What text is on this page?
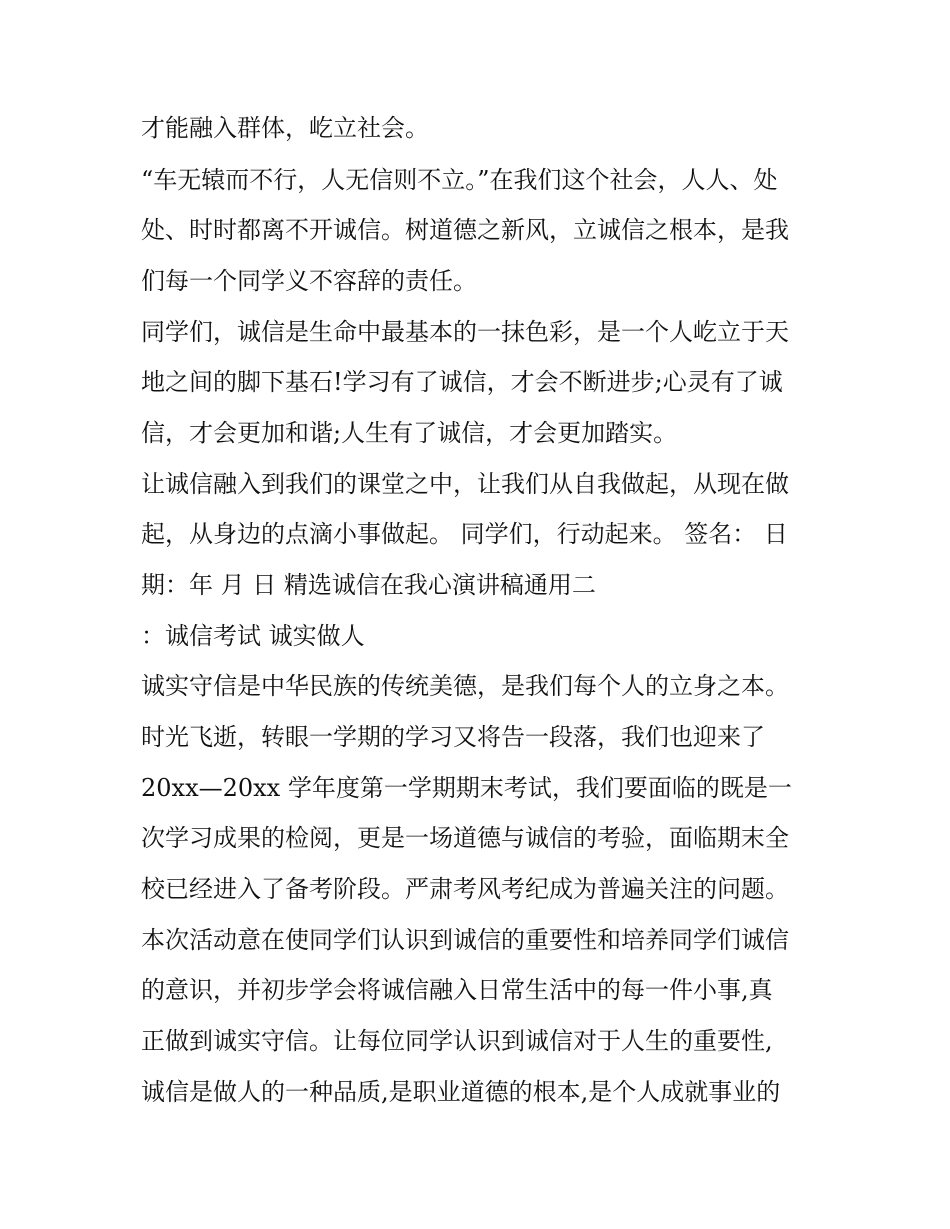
才能融入群体，屹立社会。
“车无辕而不行，人无信则不立。”在我们这个社会，人人、处
处、时时都离不开诚信。树道德之新风，立诚信之根本，是我
们每一个同学义不容辞的责任。
同学们，诚信是生命中最基本的一抹色彩，是一个人屹立于天
地之间的脚下基石!学习有了诚信，才会不断进步;心灵有了诚
信，才会更加和谐;人生有了诚信，才会更加踏实。
让诚信融入到我们的课堂之中，让我们从自我做起，从现在做
起，从身边的点滴小事做起。 同学们，行动起来。 签名： 日
期：年 月 日 精选诚信在我心演讲稿通用二
：诚信考试 诚实做人
诚实守信是中华民族的传统美德，是我们每个人的立身之本。
时光飞逝，转眼一学期的学习又将告一段落，我们也迎来了
20xx—20xx 学年度第一学期期末考试，我们要面临的既是一
次学习成果的检阅，更是一场道德与诚信的考验，面临期末全
校已经进入了备考阶段。严肃考风考纪成为普遍关注的问题。
本次活动意在使同学们认识到诚信的重要性和培养同学们诚信
的意识，并初步学会将诚信融入日常生活中的每一件小事,真
正做到诚实守信。让每位同学认识到诚信对于人生的重要性,
诚信是做人的一种品质,是职业道德的根本,是个人成就事业的
